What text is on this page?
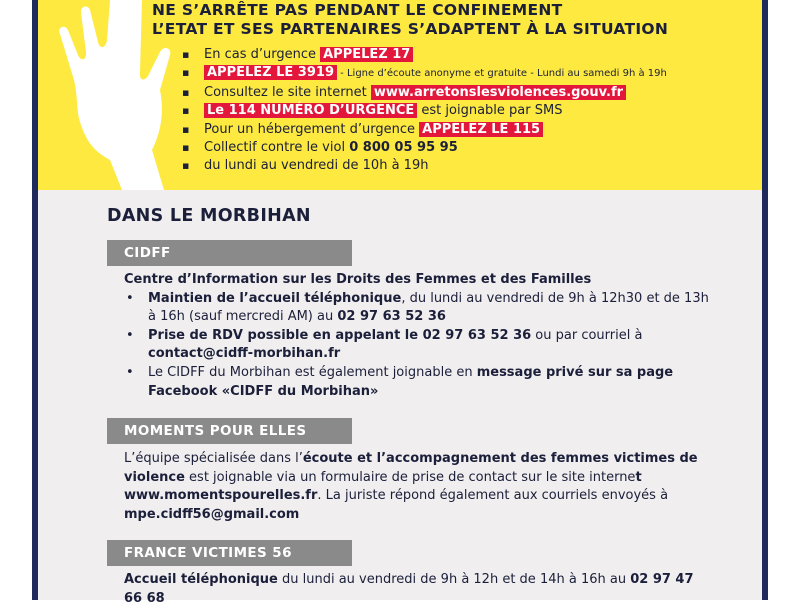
NE S’ARRÊTE PAS PENDANT LE CONFINEMENT
L’ETAT ET SES PARTENAIRES S’ADAPTENT À LA SITUATION
▪ En cas d’urgence APPELEZ 17
▪ APPELEZ LE 3919 - Ligne d’écoute anonyme et gratuite - Lundi au samedi 9h à 19h
▪ Consultez le site internet www.arretonslesviolences.gouv.fr
▪ Le 114 NUMÉRO D’URGENCE est joignable par SMS
▪ Pour un hébergement d’urgence APPELEZ LE 115
▪ Collectif contre le viol 0 800 05 95 95
▪ du lundi au vendredi de 10h à 19h
DANS LE MORBIHAN
CIDFF

Centre d’Information sur les Droits des Femmes et des Familles

• Maintien de l’accueil téléphonique, du lundi au vendredi de 9h à 12h30 et de 13h à 16h (sauf mercredi AM) au 02 97 63 52 36
• Prise de RDV possible en appelant le 02 97 63 52 36 ou par courriel à contact@cidff-morbihan.fr
• Le CIDFF du Morbihan est également joignable en message privé sur sa page Facebook «CIDFF du Morbihan»
MOMENTS POUR ELLES

L’équipe spécialisée dans l’écoute et l’accompagnement des femmes victimes de violence est joignable via un formulaire de prise de contact sur le site internet www.momentspourelles.fr. La juriste répond également aux courriels envoyés à mpe.cidff56@gmail.com

FRANCE VICTIMES 56

Accueil téléphonique du lundi au vendredi de 9h à 12h et de 14h à 16h au 02 97 47 66 68
